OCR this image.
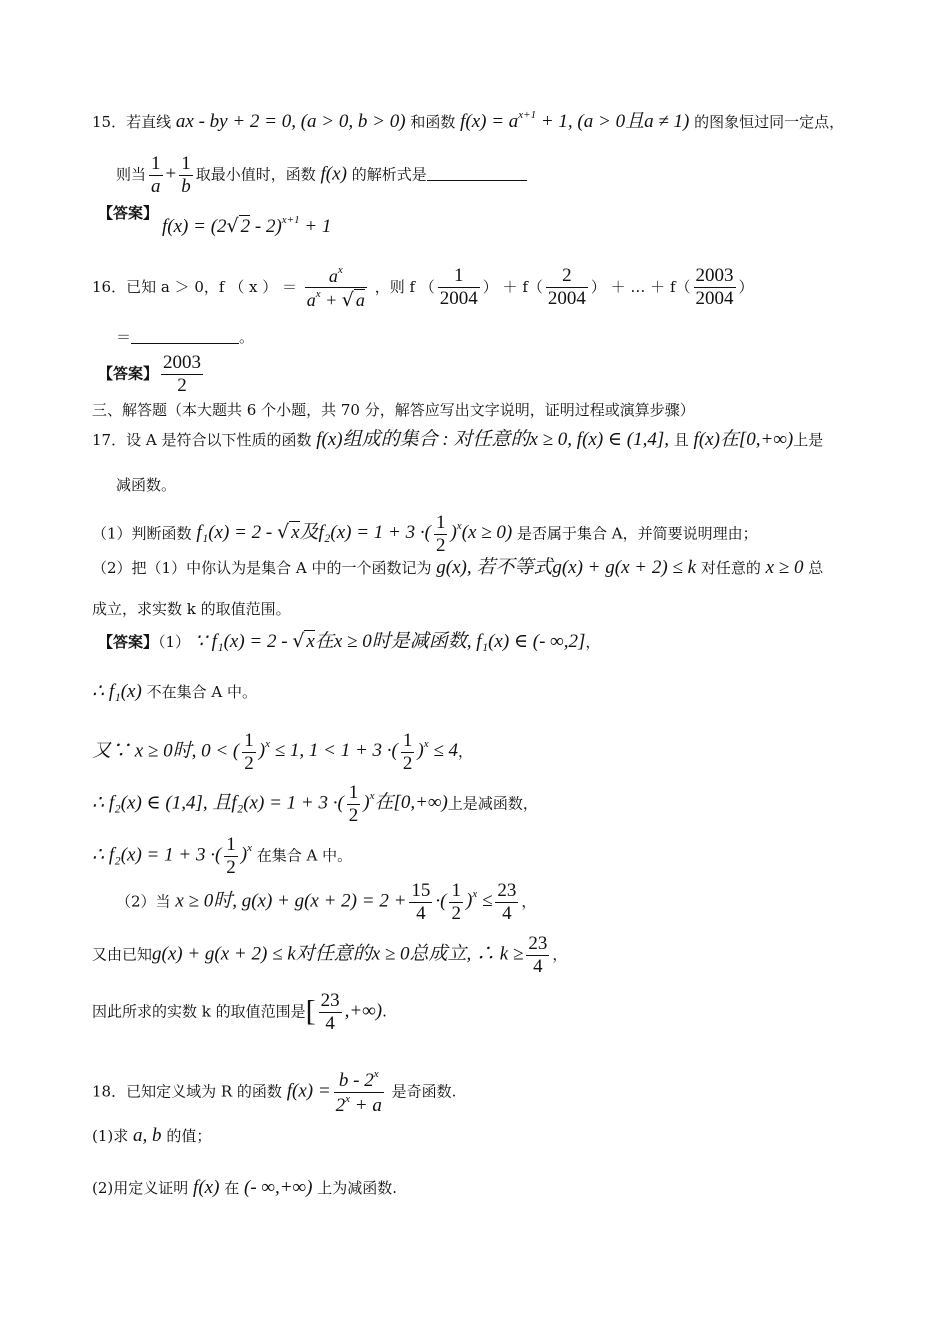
15．若直线 ax - by + 2 = 0, (a > 0, b > 0) 和函数 $f(x) = a^{x+1} + 1$, (a > 0且a ≠ 1) 的图象恒过同一定点，
则当 $\frac{1}{a} + \frac{1}{b}$ 取最小值时，函数 f(x) 的解析式是
【答案】
f(x) = (2√ 2 - 2)$^{x+1}$ + 1
16．已知 a ＞ 0，f （ x ） ＝ $\frac{a^x}{a^x + √ a}$ ，则 f （ $\frac{1}{2004}$ ） ＋ $f( \frac{2}{2004}$ ） ＋ … ＋ $f( \frac{2003}{2004}$ ）
＝	。
【答案】 $\frac{2003}{2}$
三、解答题（本大题共 6 个小题，共 70 分，解答应写出文字说明，证明过程或演算步骤）
17．设 A 是符合以下性质的函数 f(x)组成的集合 : 对任意的x ≥ 0, f(x) ∈ (1,4], 且 f(x)在[0,+∞)上是
减函数。
（1）判断函数 f₁(x) = 2 - √ x及f₂(x) = 1 + 3 ·( $\frac{1}{2} )^x(x \ge 0)$ 是否属于集合 A，并简要说明理由；
（2）把（1）中你认为是集合 A 中的一个函数记为 g(x), 若不等式g(x) + g(x + 2) ≤ k 对任意的 x ≥ 0 总
成立，求实数 k 的取值范围。
【答案】（1） ∵ f₁(x) = 2 - √ x在x ≥ 0时是减函数, f₁(x) ∈ (- ∞,2]，
∴ f₁(x) 不在集合 A 中。
又∵ x ≥ 0时, 0 < ( $\frac{1}{2} )^x \le 1$, 1 < 1 + 3 ·( $\frac{1}{2} )^x \le 4$，
∴ f₂(x) ∈ (1,4], 且f₂(x) = 1 + 3 ·( $\frac{1}{2} )^x$在[0,+∞)上是减函数，
∴ f₂(x) = 1 + 3 ·( $\frac{1}{2} )^x$ 在集合 A 中。
（2）当 x ≥ 0时, $g(x) + g(x + 2) = 2 + \frac{15}{4}$ ·( $\frac{1}{2} )^x \le \frac{23}{4}$ ，
又由已知g(x) + g(x + 2) ≤ k对任意的x ≥ 0总成立, ∴ $k \ge \frac{23}{4}$ ，
因此所求的实数 k 的取值范围是[ $\frac{23}{4}$ ,+∞).
18．已知定义域为 R 的函数 $f(x) = \frac{b - 2^x}{2^x + a}$ 是奇函数.
(1)求 a, b 的值；
(2)用定义证明 f(x) 在 (- ∞,+∞) 上为减函数.
